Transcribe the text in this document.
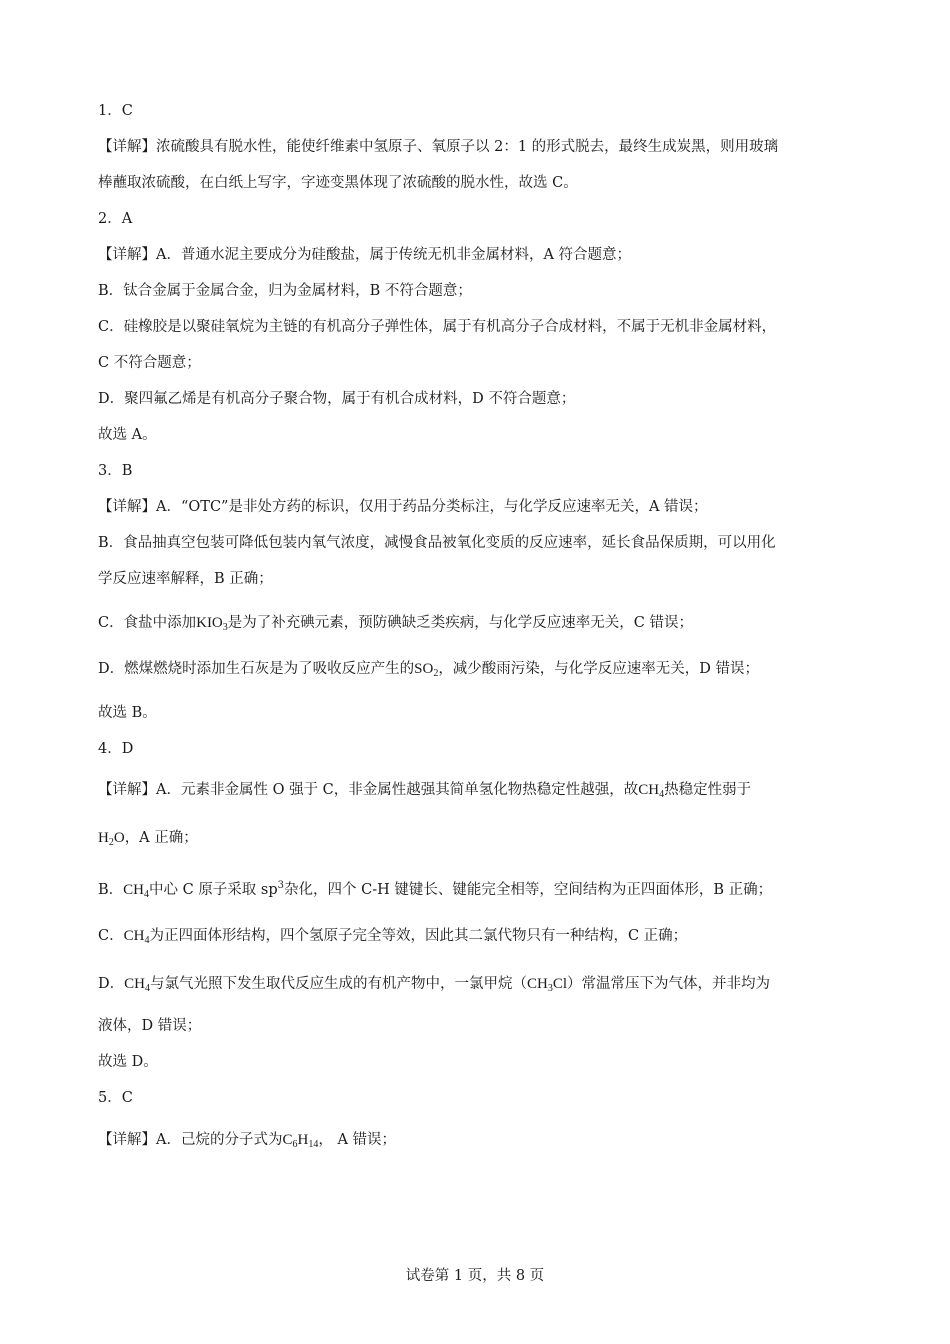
1．C
【详解】浓硫酸具有脱水性，能使纤维素中氢原子、氧原子以 2：1 的形式脱去，最终生成炭黑，则用玻璃
棒蘸取浓硫酸，在白纸上写字，字迹变黑体现了浓硫酸的脱水性，故选 C。
2．A
【详解】A．普通水泥主要成分为硅酸盐，属于传统无机非金属材料，A 符合题意；
B．钛合金属于金属合金，归为金属材料，B 不符合题意；
C．硅橡胶是以聚硅氧烷为主链的有机高分子弹性体，属于有机高分子合成材料，不属于无机非金属材料，
C 不符合题意；
D．聚四氟乙烯是有机高分子聚合物，属于有机合成材料，D 不符合题意；
故选 A。
3．B
【详解】A．“OTC”是非处方药的标识，仅用于药品分类标注，与化学反应速率无关，A 错误；
B．食品抽真空包装可降低包装内氧气浓度，减慢食品被氧化变质的反应速率，延长食品保质期，可以用化
学反应速率解释，B 正确；
C．食盐中添加$KIO_3$是为了补充碘元素，预防碘缺乏类疾病，与化学反应速率无关，C 错误；
D．燃煤燃烧时添加生石灰是为了吸收反应产生的$SO_2$，减少酸雨污染，与化学反应速率无关，D 错误；
故选 B。
4．D
【详解】A．元素非金属性 O 强于 C，非金属性越强其简单氢化物热稳定性越强，故$CH_4$热稳定性弱于
$H_2O$，A 正确；
B．$CH_4$中心 C 原子采取 $sp^3$杂化，四个 C-H 键键长、键能完全相等，空间结构为正四面体形，B 正确；
C．$CH_4$为正四面体形结构，四个氢原子完全等效，因此其二氯代物只有一种结构，C 正确；
D．$CH_4$与氯气光照下发生取代反应生成的有机产物中，一氯甲烷$(CH_3Cl)$常温常压下为气体，并非均为
液体，D 错误；
故选 D。
5．C
【详解】A．己烷的分子式为$C_6H_{14}$， A 错误；
试卷第 1 页，共 8 页
